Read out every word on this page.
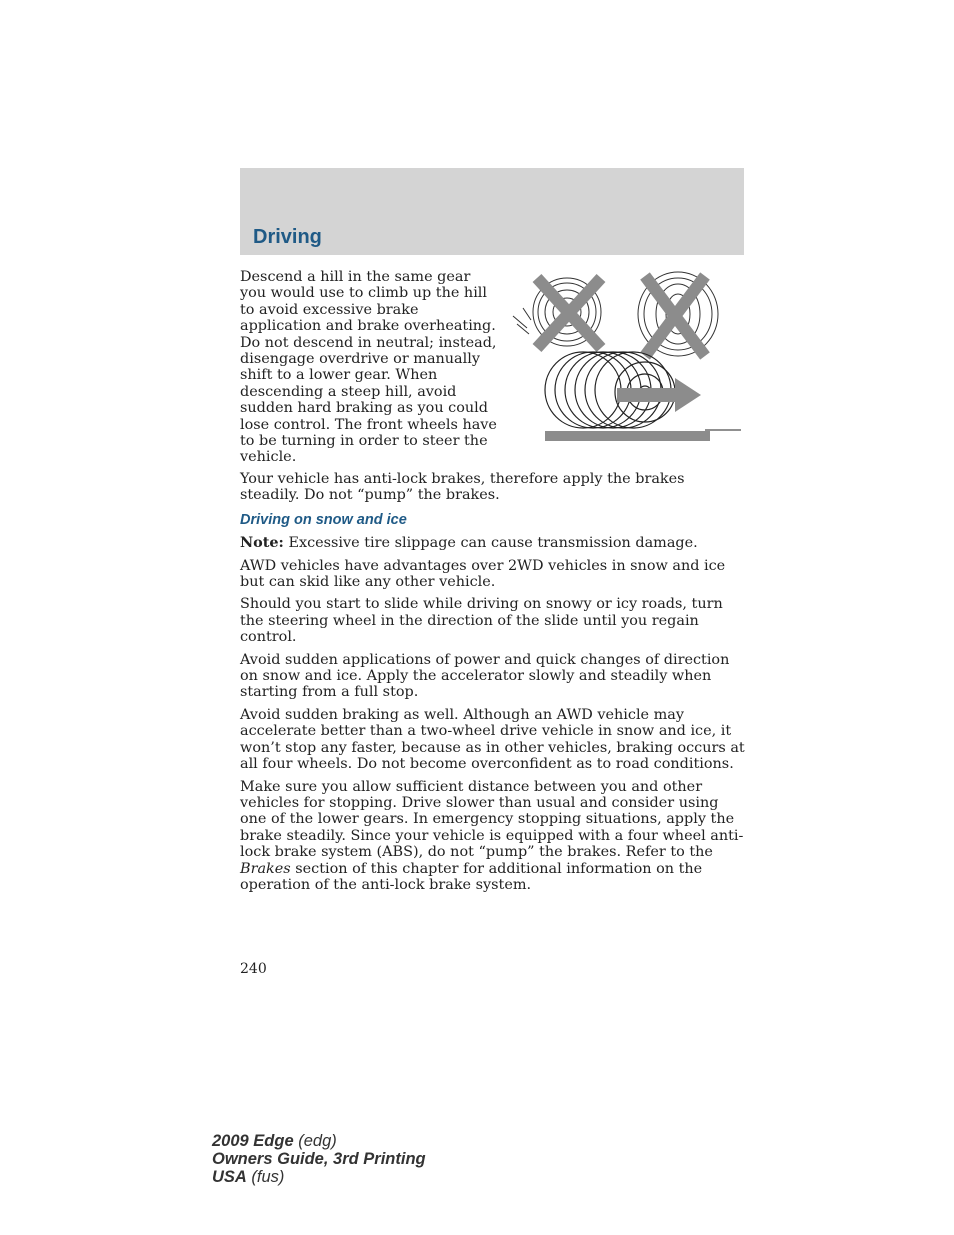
Driving
Descend a hill in the same gear you would use to climb up the hill to avoid excessive brake application and brake overheating. Do not descend in neutral; instead, disengage overdrive or manually shift to a lower gear. When descending a steep hill, avoid sudden hard braking as you could lose control. The front wheels have to be turning in order to steer the vehicle.

Your vehicle has anti-lock brakes, therefore apply the brakes steadily. Do not “pump” the brakes.

Driving on snow and ice

Note: Excessive tire slippage can cause transmission damage.

AWD vehicles have advantages over 2WD vehicles in snow and ice but can skid like any other vehicle.

Should you start to slide while driving on snowy or icy roads, turn the steering wheel in the direction of the slide until you regain control.

Avoid sudden applications of power and quick changes of direction on snow and ice. Apply the accelerator slowly and steadily when starting from a full stop.

Avoid sudden braking as well. Although an AWD vehicle may accelerate better than a two-wheel drive vehicle in snow and ice, it won’t stop any faster, because as in other vehicles, braking occurs at all four wheels. Do not become overconfident as to road conditions.

Make sure you allow sufficient distance between you and other vehicles for stopping. Drive slower than usual and consider using one of the lower gears. In emergency stopping situations, apply the brake steadily. Since your vehicle is equipped with a four wheel anti-lock brake system (ABS), do not “pump” the brakes. Refer to the Brakes section of this chapter for additional information on the operation of the anti-lock brake system.

240
2009 Edge (edg)
Owners Guide, 3rd Printing
USA (fus)
